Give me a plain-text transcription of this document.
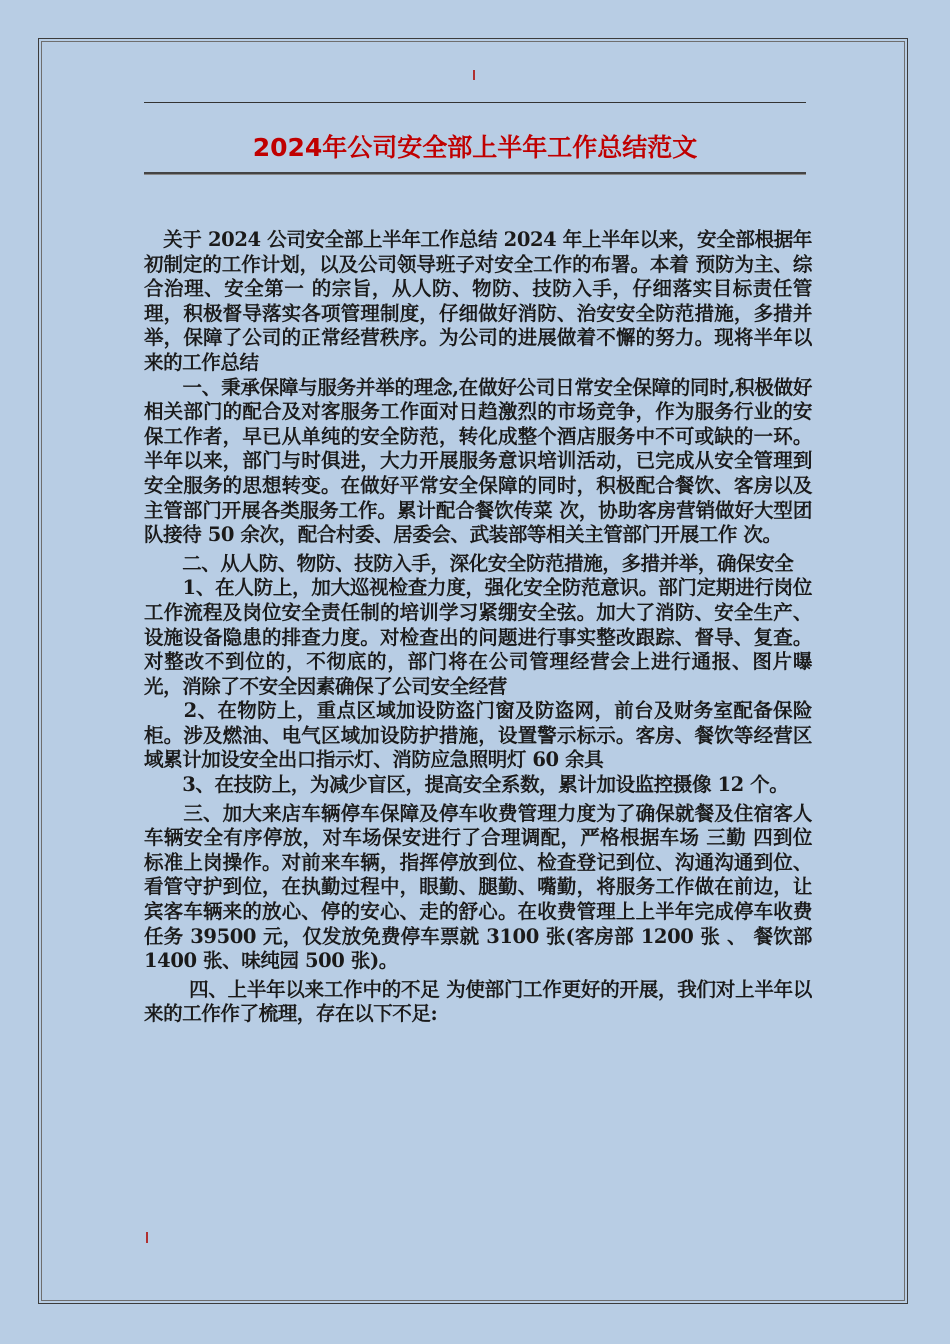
2024年公司安全部上半年工作总结范文

　关于 2024 公司安全部上半年工作总结 2024 年上半年以来，安全部根据年初制定的工作计划，以及公司领导班子对安全工作的布署。本着 预防为主、综合治理、安全第一 的宗旨，从人防、物防、技防入手，仔细落实目标责任管理，积极督导落实各项管理制度，仔细做好消防、治安安全防范措施，多措并举，保障了公司的正常经营秩序。为公司的进展做着不懈的努力。现将半年以来的工作总结

　　一、秉承保障与服务并举的理念,在做好公司日常安全保障的同时,积极做好相关部门的配合及对客服务工作面对日趋激烈的市场竞争，作为服务行业的安保工作者，早已从单纯的安全防范，转化成整个酒店服务中不可或缺的一环。半年以来，部门与时俱进，大力开展服务意识培训活动，已完成从安全管理到安全服务的思想转变。在做好平常安全保障的同时，积极配合餐饮、客房以及主管部门开展各类服务工作。累计配合餐饮传菜 次，协助客房营销做好大型团队接待 50 余次，配合村委、居委会、武装部等相关主管部门开展工作 次。

　　二、从人防、物防、技防入手，深化安全防范措施，多措并举，确保安全

　　1、在人防上，加大巡视检查力度，强化安全防范意识。部门定期进行岗位工作流程及岗位安全责任制的培训学习紧绷安全弦。加大了消防、安全生产、设施设备隐患的排查力度。对检查出的问题进行事实整改跟踪、督导、复查。对整改不到位的，不彻底的，部门将在公司管理经营会上进行通报、图片曝光，消除了不安全因素确保了公司安全经营

　　2、在物防上，重点区域加设防盗门窗及防盗网，前台及财务室配备保险柜。涉及燃油、电气区域加设防护措施，设置警示标示。客房、餐饮等经营区域累计加设安全出口指示灯、消防应急照明灯 60 余具

　　3、在技防上，为减少盲区，提高安全系数，累计加设监控摄像 12 个。

　　三、加大来店车辆停车保障及停车收费管理力度为了确保就餐及住宿客人车辆安全有序停放，对车场保安进行了合理调配，严格根据车场 三勤 四到位 标准上岗操作。对前来车辆，指挥停放到位、检查登记到位、沟通沟通到位、看管守护到位，在执勤过程中，眼勤、腿勤、嘴勤，将服务工作做在前边，让宾客车辆来的放心、停的安心、走的舒心。在收费管理上上半年完成停车收费任务 39500 元，仅发放免费停车票就 3100 张(客房部 1200 张 、 餐饮部 1400 张、味纯园 500 张)。

　　 四、上半年以来工作中的不足 为使部门工作更好的开展，我们对上半年以来的工作作了梳理，存在以下不足:
